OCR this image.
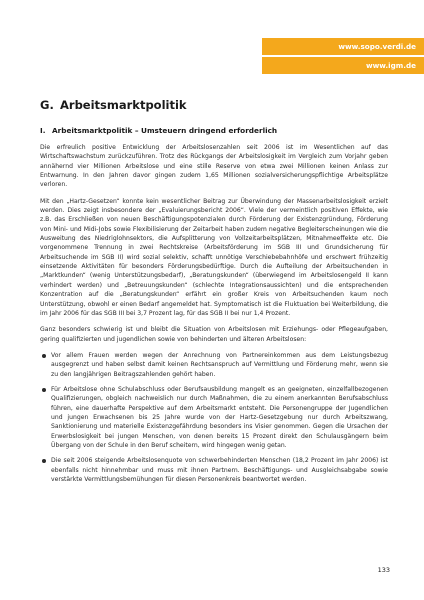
www.sopo.verdi.de
www.igm.de
G. Arbeitsmarktpolitik
I. Arbeitsmarktpolitik – Umsteuern dringend erforderlich

Die erfreulich positive Entwicklung der Arbeitslosenzahlen seit 2006 ist im Wesentlichen auf das Wirtschaftswachstum zurückzuführen. Trotz des Rückgangs der Arbeitslosigkeit im Vergleich zum Vorjahr geben annähernd vier Millionen Arbeitslose und eine stille Reserve von etwa zwei Millionen keinen Anlass zur Entwarnung. In den Jahren davor gingen zudem 1,65 Millionen sozialversicherungspflichtige Arbeitsplätze verloren.

Mit den „Hartz-Gesetzen“ konnte kein wesentlicher Beitrag zur Überwindung der Massenarbeitslosigkeit erzielt werden. Dies zeigt insbesondere der „Evaluierungsbericht 2006“. Viele der vermeintlich positiven Effekte, wie z.B. das Erschließen von neuen Beschäftigungspotenzialen durch Förderung der Existenzgründung, Förderung von Mini- und Midi-Jobs sowie Flexibilisierung der Zeitarbeit haben zudem negative Begleiterscheinungen wie die Ausweitung des Niedriglohnsektors, die Aufsplitterung von Vollzeitarbeitsplätzen, Mitnahmeeffekte etc. Die vorgenommene Trennung in zwei Rechtskreise (Arbeitsförderung im SGB III und Grundsicherung für Arbeitsuchende im SGB II) wird sozial selektiv, schafft unnötige Verschiebebahnhöfe und erschwert frühzeitig einsetzende Aktivitäten für besonders Förderungsbedürftige. Durch die Aufteilung der Arbeitsuchenden in „Marktkunden“ (wenig Unterstützungsbedarf), „Beratungskunden“ (überwiegend im Arbeitslosengeld II kann verhindert werden) und „Betreuungskunden“ (schlechte Integrationsaussichten) und die entsprechenden Konzentration auf die „Beratungskunden“ erfährt ein großer Kreis von Arbeitsuchenden kaum noch Unterstützung, obwohl er einen Bedarf angemeldet hat. Symptomatisch ist die Fluktuation bei Weiterbildung, die im Jahr 2006 für das SGB III bei 3,7 Prozent lag, für das SGB II bei nur 1,4 Prozent.

Ganz besonders schwierig ist und bleibt die Situation von Arbeitslosen mit Erziehungs- oder Pflegeaufgaben, gering qualifizierten und jugendlichen sowie von behinderten und älteren Arbeitslosen:

Vor allem Frauen werden wegen der Anrechnung von Partnereinkommen aus dem Leistungsbezug ausgegrenzt und haben selbst damit keinen Rechtsanspruch auf Vermittlung und Förderung mehr, wenn sie zu den langjährigen Beitragszahlenden gehört haben.
Für Arbeitslose ohne Schulabschluss oder Berufsausbildung mangelt es an geeigneten, einzelfallbezogenen Qualifizierungen, obgleich nachweislich nur durch Maßnahmen, die zu einem anerkannten Berufsabschluss führen, eine dauerhafte Perspektive auf dem Arbeitsmarkt entsteht. Die Personengruppe der Jugendlichen und jungen Erwachsenen bis 25 Jahre wurde von der Hartz-Gesetzgebung nur durch Arbeitszwang, Sanktionierung und materielle Existenzgefährdung besonders ins Visier genommen. Gegen die Ursachen der Erwerbslosigkeit bei jungen Menschen, von denen bereits 15 Prozent direkt den Schulausgängern beim Übergang von der Schule in den Beruf scheitern, wird hingegen wenig getan.
Die seit 2006 steigende Arbeitslosenquote von schwerbehinderten Menschen (18,2 Prozent im Jahr 2006) ist ebenfalls nicht hinnehmbar und muss mit ihnen Partnern. Beschäftigungs- und Ausgleichsabgabe sowie verstärkte Vermittlungsbemühungen für diesen Personenkreis beantwortet werden.
133
